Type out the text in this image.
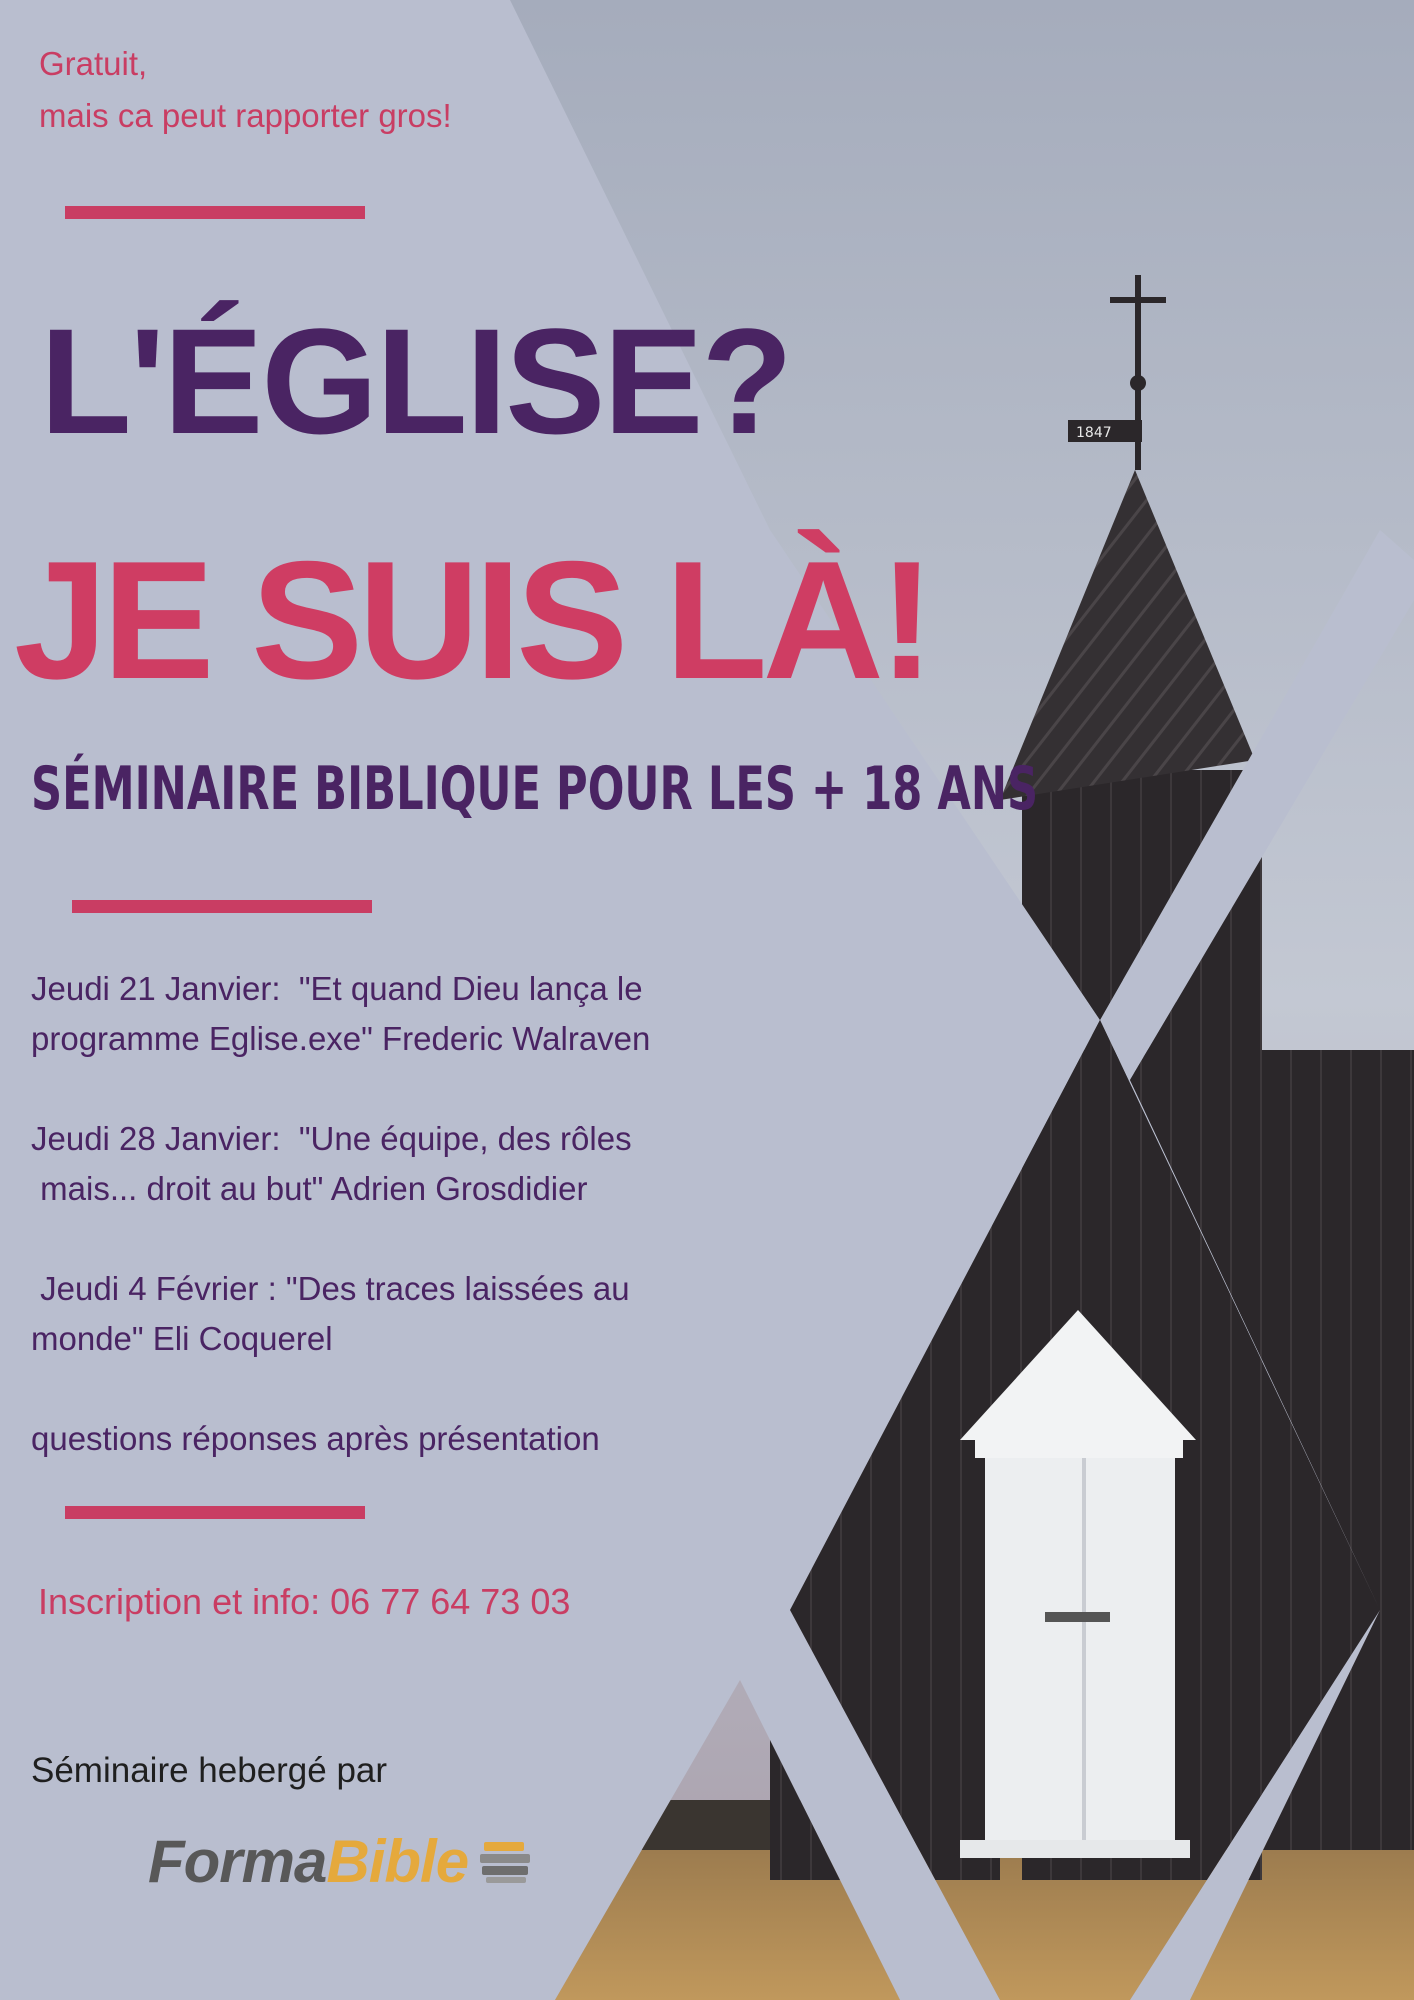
1847

Gratuit,
mais ca peut rapporter gros!

L'ÉGLISE?
JE SUIS LÀ!
SÉMINAIRE BIBLIQUE POUR LES + 18 ANS

Jeudi 21 Janvier:  "Et quand Dieu lança le
programme Eglise.exe" Frederic Walraven

Jeudi 28 Janvier:  "Une équipe, des rôles
mais... droit au but" Adrien Grosdidier

Jeudi 4 Février : "Des traces laissées au
monde" Eli Coquerel

questions réponses après présentation

Inscription et info: 06 77 64 73 03

Séminaire hebergé par

Forma Bible
